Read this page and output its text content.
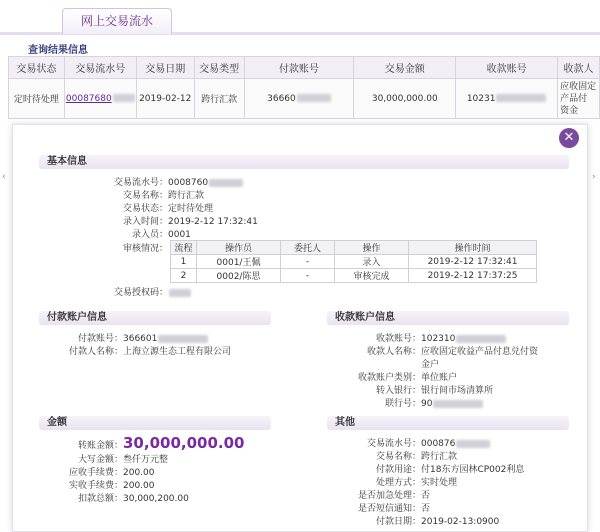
网上交易流水
查询结果信息
交易状态	交易流水号	交易日期	交易类型	付款账号	交易金额	收款账号	收款人
定时待处理	00087680	2019-02-12	跨行汇款	36660	30,000,000.00	10231	应收固定
产品付
资金
‹	›
基本信息
交易流水号：0008760
交易名称：跨行汇款
交易状态：定时待处理
录入时间：2019-2-12 17:32:41
录入员：0001
审核情况：
交易授权码：
付款账户信息
付款账号：366601
付款人名称：上海立源生态工程有限公司
收款账户信息
收款账号：102310
收款人名称：应收固定收益产品付息兑付资
金户
收款账户类别：单位账户
转入银行：银行间市场清算所
联行号：90
金额
转账金额：30,000,000.00
大写金额：叁仟万元整
应收手续费：200.00
实收手续费：200.00
扣款总额：30,000,200.00
其他
交易流水号：000876
交易名称：跨行汇款
付款用途：付18东方园林CP002利息
处理方式：实时处理
是否加急处理：否
是否短信通知：否
付款日期：2019-02-13:0900
流程	操作员	委托人	操作	操作时间
1	0001/王佩	-	录入	2019-2-12 17:32:41
2	0002/陈思	-	审核完成	2019-2-12 17:37:25
✕
